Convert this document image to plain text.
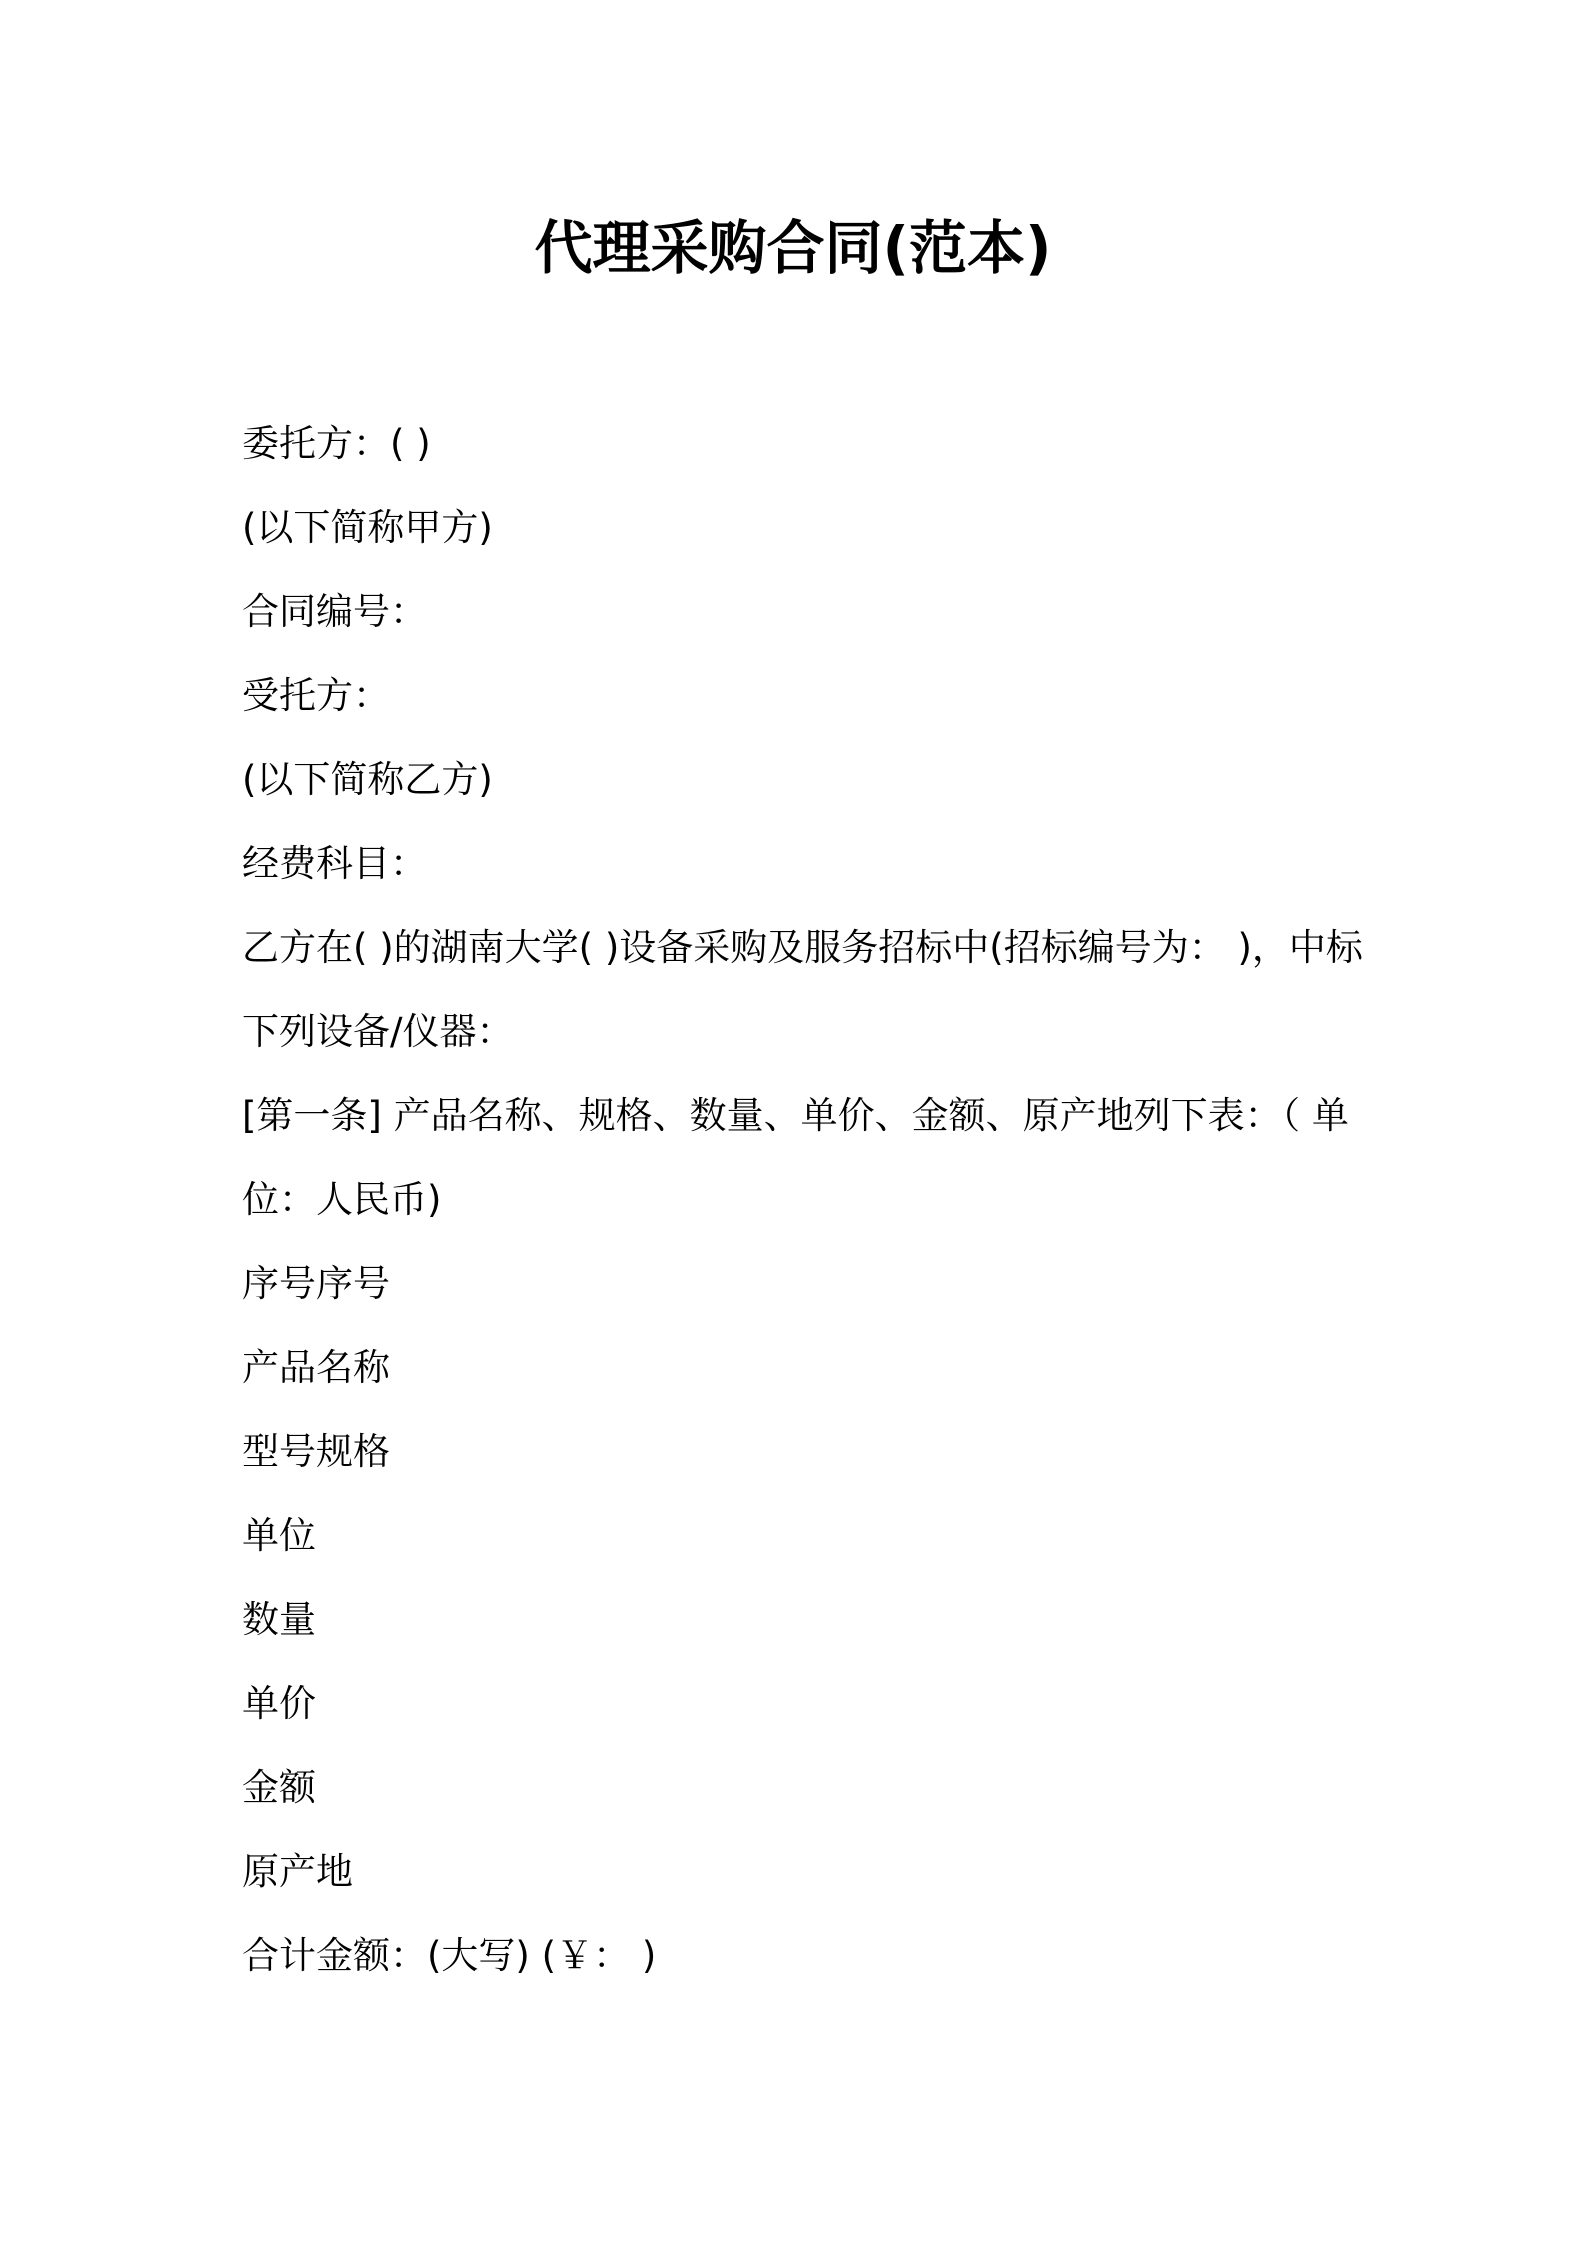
代理采购合同(范本)

委托方：( )

(以下简称甲方)

合同编号：

受托方：

(以下简称乙方)

经费科目：

乙方在( )的湖南大学( )设备采购及服务招标中(招标编号为： )，中标

下列设备/仪器：

[第一条] 产品名称、规格、数量、单价、金额、原产地列下表：（ 单

位：人民币)

序号序号

产品名称

型号规格

单位

数量

单价

金额

原产地

合计金额：(大写) (￥： )
